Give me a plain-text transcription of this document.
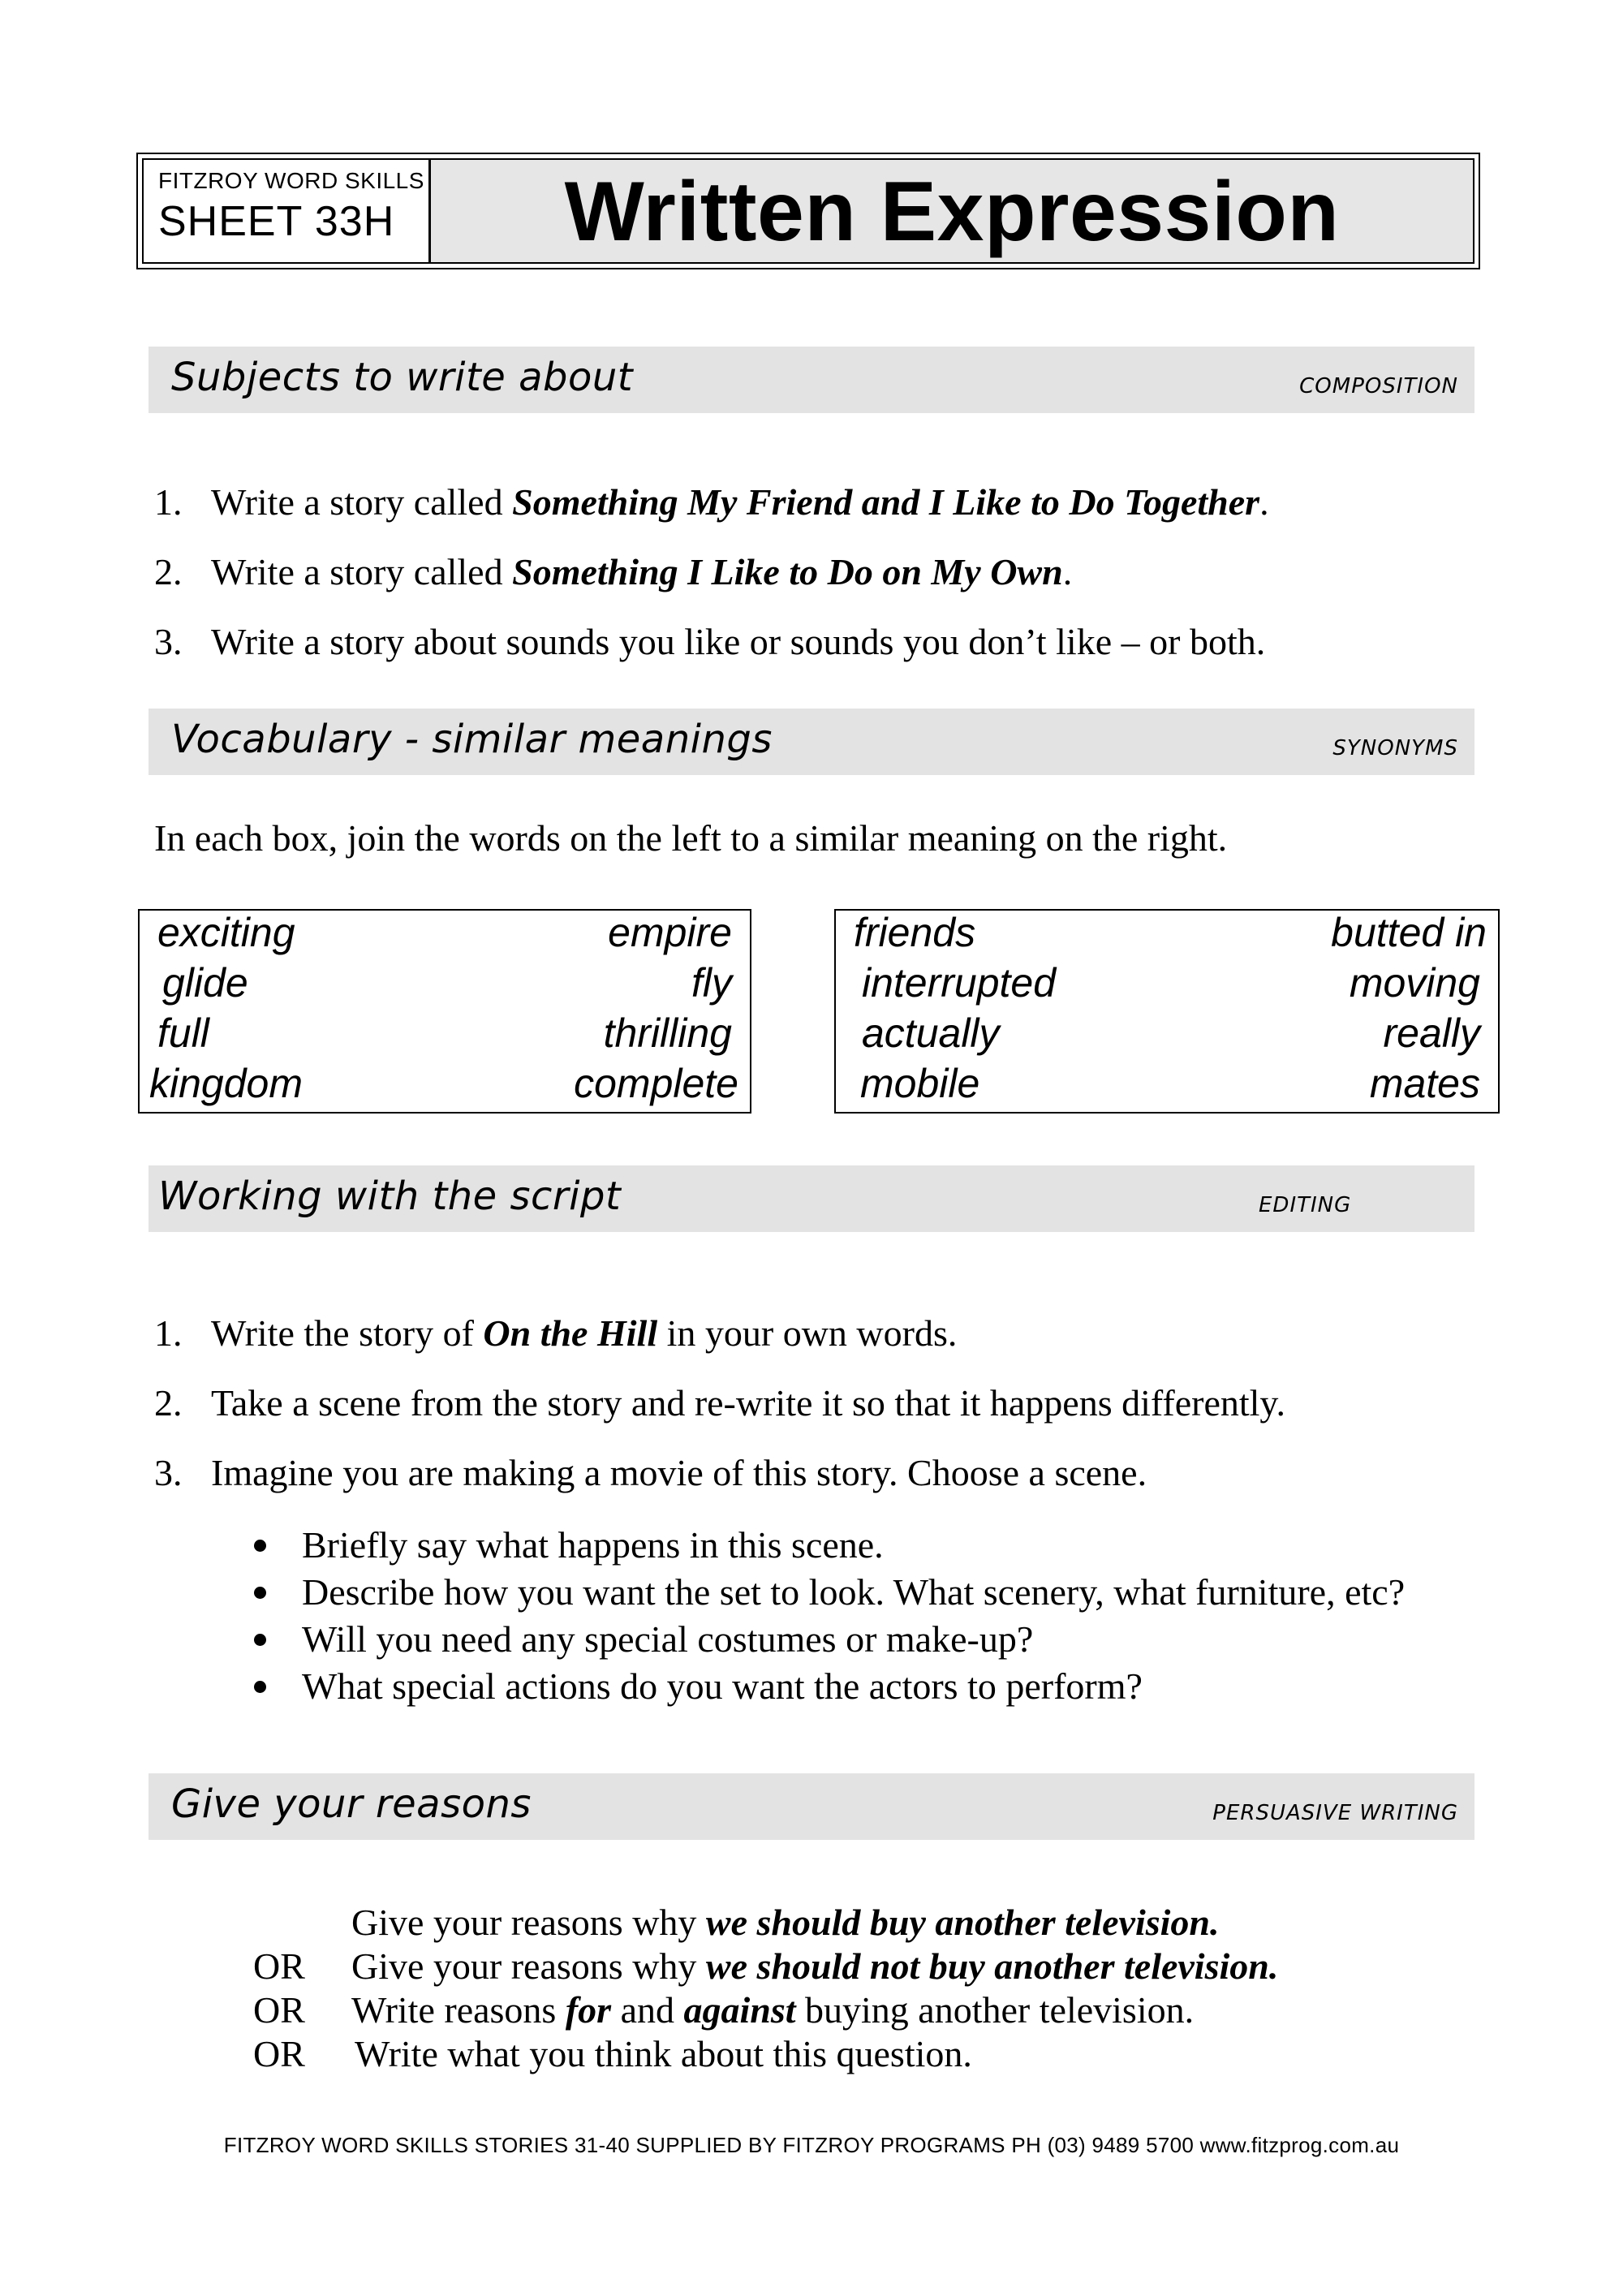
FITZROY WORD SKILLS
SHEET 33H	Written Expression
Subjects to write about	COMPOSITION
1. Write a story called Something My Friend and I Like to Do Together.
2. Write a story called Something I Like to Do on My Own.
3. Write a story about sounds you like or sounds you don’t like – or both.
Vocabulary - similar meanings	SYNONYMS
In each box, join the words on the left to a similar meaning on the right.
exciting	empire
glide	fly
full	thrilling
kingdom	complete
friends	butted in
interrupted	moving
actually	really
mobile	mates
Working with the script	EDITING
1. Write the story of On the Hill in your own words.
2. Take a scene from the story and re-write it so that it happens differently.
3. Imagine you are making a movie of this story. Choose a scene.
Briefly say what happens in this scene.
Describe how you want the set to look. What scenery, what furniture, etc?
Will you need any special costumes or make-up?
What special actions do you want the actors to perform?
Give your reasons	PERSUASIVE WRITING
Give your reasons why we should buy another television.
OR Give your reasons why we should not buy another television.
OR Write reasons for and against buying another television.
OR Write what you think about this question.
FITZROY WORD SKILLS STORIES 31-40 SUPPLIED BY FITZROY PROGRAMS PH (03) 9489 5700 www.fitzprog.com.au
